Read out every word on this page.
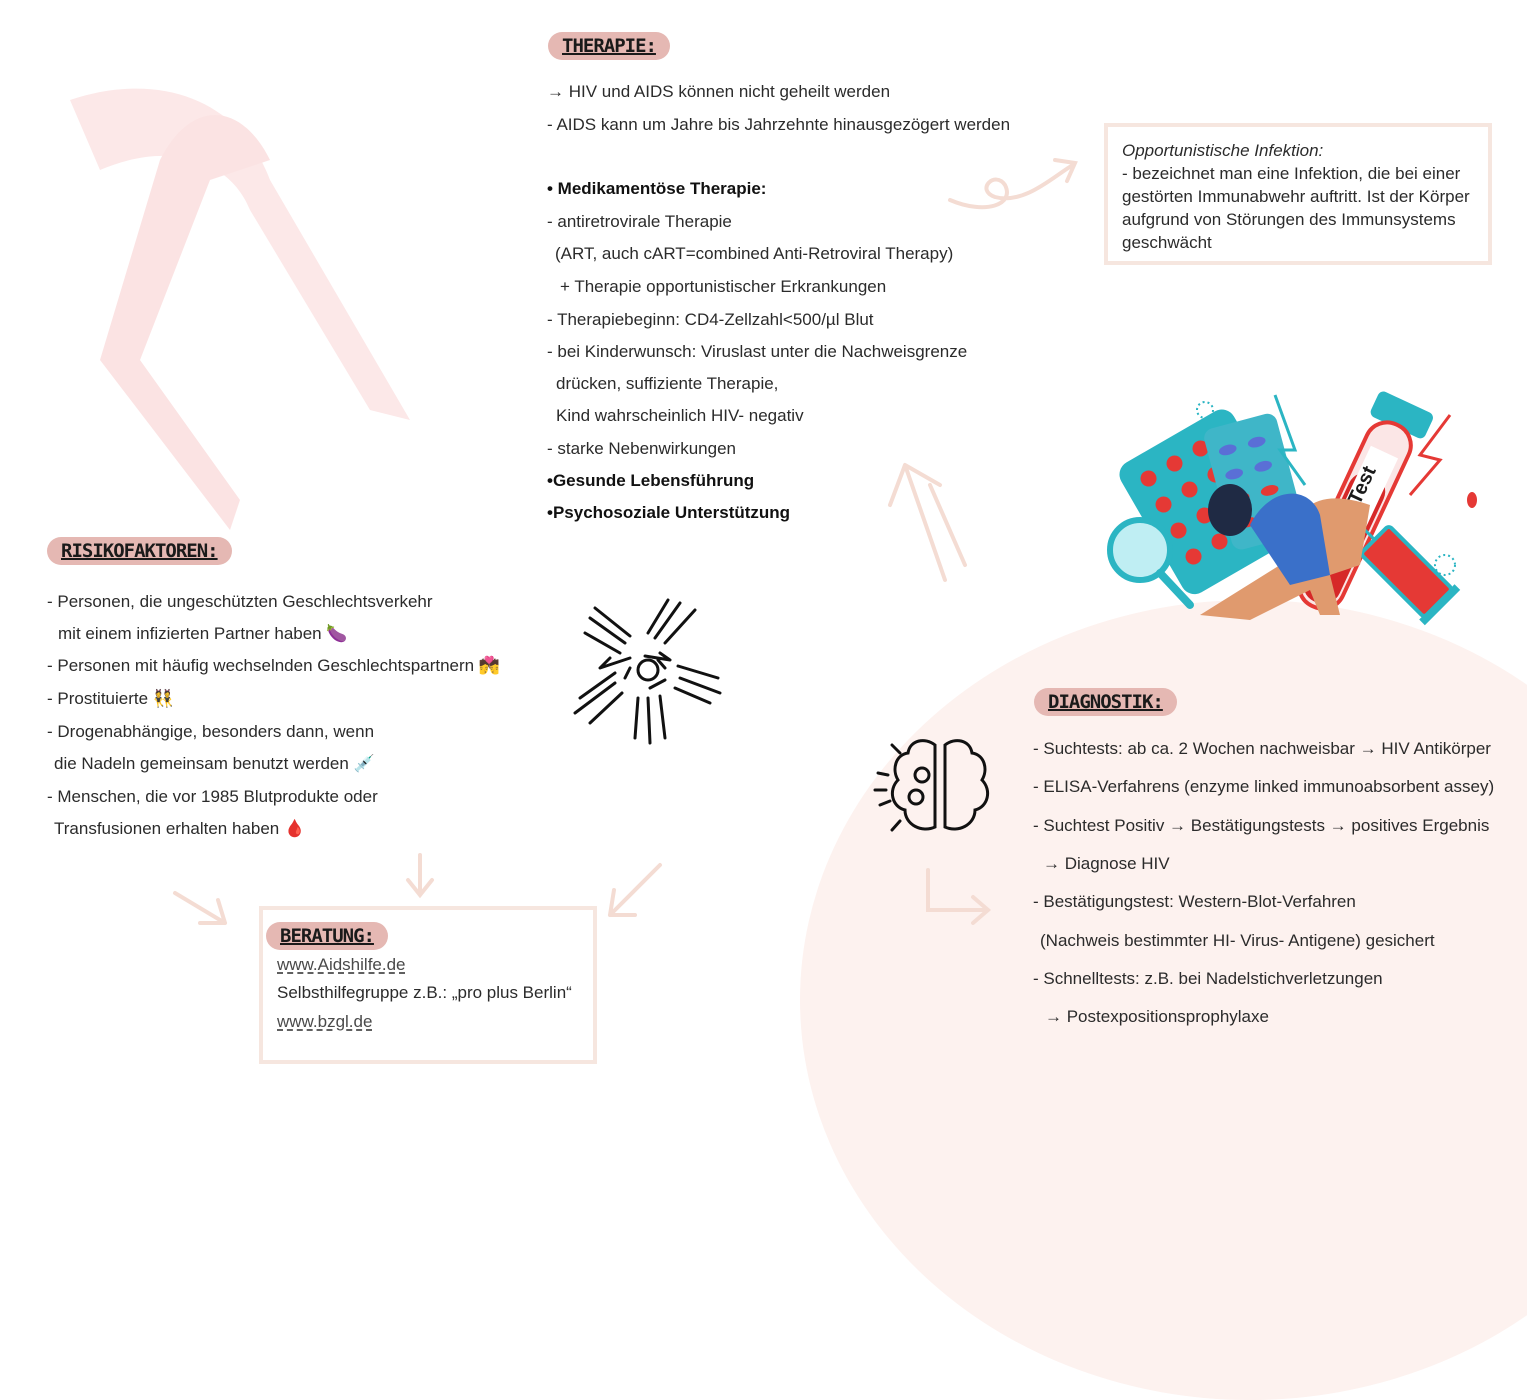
THERAPIE:
→ HIV und AIDS können nicht geheilt werden
- AIDS kann um Jahre bis Jahrzehnte hinausgezögert werden
• Medikamentöse Therapie:
- antiretrovirale Therapie
(ART, auch cART=combined Anti-Retroviral Therapy)
+ Therapie opportunistischer Erkrankungen
- Therapiebeginn: CD4-Zellzahl<500/µl Blut
- bei Kinderwunsch: Viruslast unter die Nachweisgrenze
drücken, suffiziente Therapie,
Kind wahrscheinlich HIV- negativ
- starke Nebenwirkungen
•Gesunde Lebensführung
•Psychosoziale Unterstützung
Opportunistische Infektion:
- bezeichnet man eine Infektion, die bei einer gestörten Immunabwehr auftritt. Ist der Körper aufgrund von Störungen des Immunsystems geschwächt
Test
RISIKOFAKTOREN:
- Personen, die ungeschützten Geschlechtsverkehr
mit einem infizierten Partner haben 🍆
- Personen mit häufig wechselnden Geschlechtspartnern 💏
- Prostituierte 👯
- Drogenabhängige, besonders dann, wenn
die Nadeln gemeinsam benutzt werden 💉
- Menschen, die vor 1985 Blutprodukte oder
Transfusionen erhalten haben 🩸
BERATUNG:
www.Aidshilfe.de
Selbsthilfegruppe z.B.: „pro plus Berlin“
www.bzgl.de
DIAGNOSTIK:
- Suchtests: ab ca. 2 Wochen nachweisbar → HIV Antikörper
- ELISA-Verfahrens (enzyme linked immunoabsorbent assey)
- Suchtest Positiv → Bestätigungstests → positives Ergebnis
→ Diagnose HIV
- Bestätigungstest: Western-Blot-Verfahren
(Nachweis bestimmter HI- Virus- Antigene) gesichert
- Schnelltests: z.B. bei Nadelstichverletzungen
→ Postexpositionsprophylaxe
